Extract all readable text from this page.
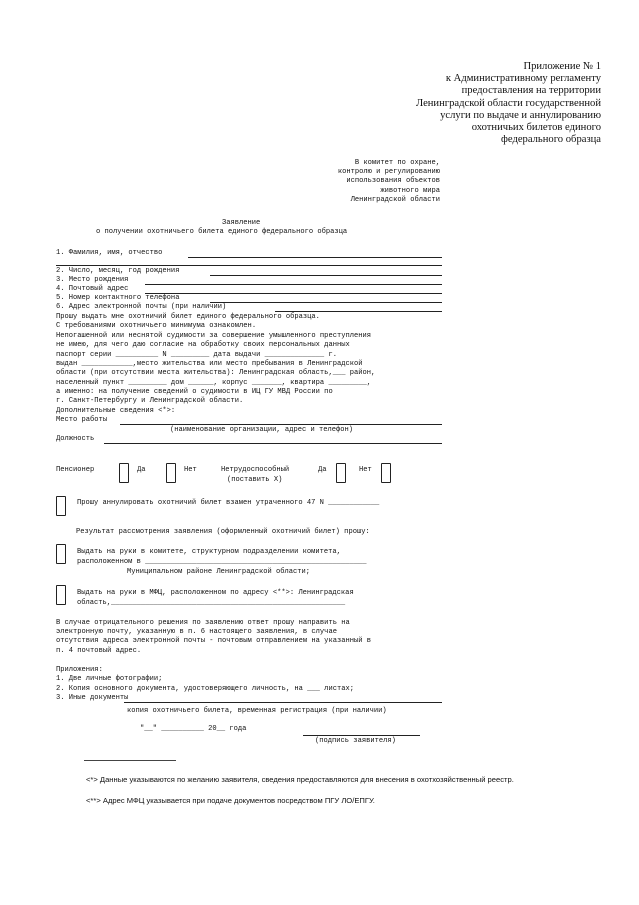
Приложение № 1
к Административному регламенту
предоставления на территории
Ленинградской области государственной
услуги по выдаче и аннулированию
охотничьих билетов единого
федерального образца
В комитет по охране,
контролю и регулированию
использования объектов
животного мира
Ленинградской области
Заявление
о получении охотничьего билета единого федерального образца
1. Фамилия, имя, отчество
2. Число, месяц, год рождения
3. Место рождения
4. Почтовый адрес
5. Номер контактного телефона
6. Адрес электронной почты (при наличии)
Прошу выдать мне охотничий билет единого федерального образца.
С требованиями охотничьего минимума ознакомлен.
Непогашенной или неснятой судимости за совершение умышленного преступления
не имею, для чего даю согласие на обработку своих персональных данных
паспорт серии __________ N _________ дата выдачи ______________ г.
выдан ____________,место жительства или место пребывания в Ленинградской
области (при отсутствии места жительства): Ленинградская область,___ район,
населенный пункт _________ дом ______, корпус _______, квартира _________,
а именно: на получение сведений о судимости в ИЦ ГУ МВД России по
г. Санкт-Петербургу и Ленинградской области.
Дополнительные сведения <*>:
Место работы
(наименование организации, адрес и телефон)
Должность
Пенсионер	Да	Нет	Нетрудоспособный	Да	Нет
(поставить Х)
Прошу аннулировать охотничий билет взамен утраченного 47 N ____________
Результат рассмотрения заявления (оформленный охотничий билет) прошу:
Выдать на руки в комитете, структурном подразделении комитета,
расположенном в ____________________________________________________
Муниципальном районе Ленинградской области;
Выдать на руки в МФЦ, расположенном по адресу <**>: Ленинградская
область,_______________________________________________________
В случае отрицательного решения по заявлению ответ прошу направить на
электронную почту, указанную в п. 6 настоящего заявления, в случае
отсутствия адреса электронной почты - почтовым отправлением на указанный в
п. 4 почтовый адрес.
Приложения:
1. Две личные фотографии;
2. Копия основного документа, удостоверяющего личность, на ___ листах;
3. Иные документы
копия охотничьего билета, временная регистрация (при наличии)
"__" __________ 20__ года
(подпись заявителя)
<*> Данные указываются по желанию заявителя, сведения предоставляются для внесения в охотхозяйственный реестр.
<**> Адрес МФЦ указывается при подаче документов посредством ПГУ ЛО/ЕПГУ.
